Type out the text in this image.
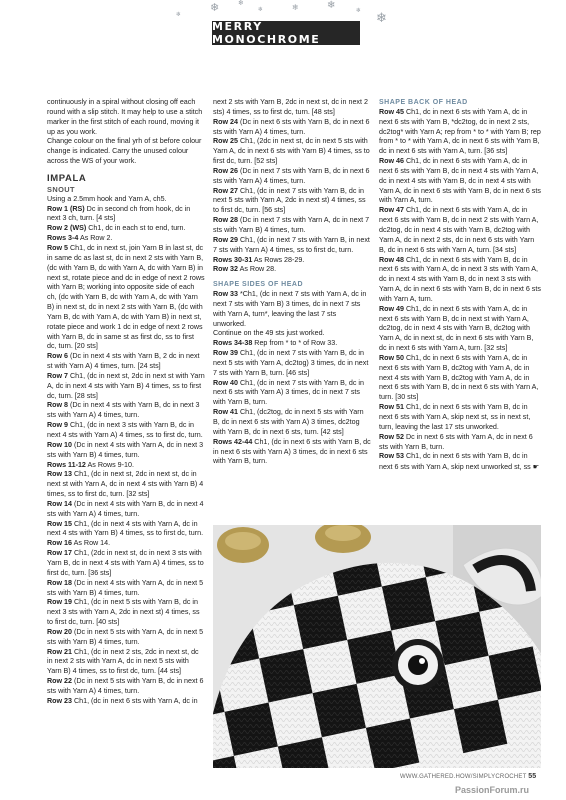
❄	❄
❄	❄	❄	❄
❄
❄
MERRY MONOCHROME

continuously in a spiral without closing off each round with a slip stitch. It may help to use a stitch marker in the first stitch of each round, moving it up as you work.

Change colour on the final yrh of st before colour change is indicated. Carry the unused colour across the WS of your work.

IMPALA

SNOUT

Using a 2.5mm hook and Yarn A, ch5.

Row 1 (RS) Dc in second ch from hook, dc in next 3 ch, turn. [4 sts]

Row 2 (WS) Ch1, dc in each st to end, turn.

Rows 3-4 As Row 2.

Row 5 Ch1, dc in next st, join Yarn B in last st, dc in same dc as last st, dc in next 2 sts with Yarn B, (dc with Yarn B, dc with Yarn A, dc with Yarn B) in next st, rotate piece and dc in edge of next 2 rows with Yarn B; working into opposite side of each ch, (dc with Yarn B, dc with Yarn A, dc with Yarn B) in next st, dc in next 2 sts with Yarn B, (dc with Yarn B, dc with Yarn A, dc with Yarn B) in next st, rotate piece and work 1 dc in edge of next 2 rows with Yarn B, dc in same st as first dc, ss to first dc, turn. [20 sts]

Row 6 (Dc in next 4 sts with Yarn B, 2 dc in next st with Yarn A) 4 times, turn. [24 sts]

Row 7 Ch1, (dc in next st, 2dc in next st with Yarn A, dc in next 4 sts with Yarn B) 4 times, ss to first dc, turn. [28 sts]

Row 8 (Dc in next 4 sts with Yarn B, dc in next 3 sts with Yarn A) 4 times, turn.

Row 9 Ch1, (dc in next 3 sts with Yarn B, dc in next 4 sts with Yarn A) 4 times, ss to first dc, turn.

Row 10 (Dc in next 4 sts with Yarn A, dc in next 3 sts with Yarn B) 4 times, turn.

Rows 11-12 As Rows 9-10.

Row 13 Ch1, (dc in next st, 2dc in next st, dc in next st with Yarn A, dc in next 4 sts with Yarn B) 4 times, ss to first dc, turn. [32 sts]

Row 14 (Dc in next 4 sts with Yarn B, dc in next 4 sts with Yarn A) 4 times, turn.

Row 15 Ch1, (dc in next 4 sts with Yarn A, dc in next 4 sts with Yarn B) 4 times, ss to first dc, turn.

Row 16 As Row 14.

Row 17 Ch1, (2dc in next st, dc in next 3 sts with Yarn B, dc in next 4 sts with Yarn A) 4 times, ss to first dc, turn. [36 sts]

Row 18 (Dc in next 4 sts with Yarn A, dc in next 5 sts with Yarn B) 4 times, turn.

Row 19 Ch1, (dc in next 5 sts with Yarn B, dc in next 3 sts with Yarn A, 2dc in next st) 4 times, ss to first dc, turn. [40 sts]

Row 20 (Dc in next 5 sts with Yarn A, dc in next 5 sts with Yarn B) 4 times, turn.

Row 21 Ch1, (dc in next 2 sts, 2dc in next st, dc in next 2 sts with Yarn A, dc in next 5 sts with Yarn B) 4 times, ss to first dc, turn. [44 sts]

Row 22 (Dc in next 5 sts with Yarn B, dc in next 6 sts with Yarn A) 4 times, turn.

Row 23 Ch1, (dc in next 6 sts with Yarn A, dc in

next 2 sts with Yarn B, 2dc in next st, dc in next 2 sts) 4 times, ss to first dc, turn. [48 sts]

Row 24 (Dc in next 6 sts with Yarn B, dc in next 6 sts with Yarn A) 4 times, turn.

Row 25 Ch1, (2dc in next st, dc in next 5 sts with Yarn A, dc in next 6 sts with Yarn B) 4 times, ss to first dc, turn. [52 sts]

Row 26 (Dc in next 7 sts with Yarn B, dc in next 6 sts with Yarn A) 4 times, turn.

Row 27 Ch1, (dc in next 7 sts with Yarn B, dc in next 5 sts with Yarn A, 2dc in next st) 4 times, ss to first dc, turn. [56 sts]

Row 28 (Dc in next 7 sts with Yarn A, dc in next 7 sts with Yarn B) 4 times, turn.

Row 29 Ch1, (dc in next 7 sts with Yarn B, in next 7 sts with Yarn A) 4 times, ss to first dc, turn.

Rows 30-31 As Rows 28-29.

Row 32 As Row 28.

SHAPE SIDES OF HEAD

Row 33 *Ch1, (dc in next 7 sts with Yarn A, dc in next 7 sts with Yarn B) 3 times, dc in next 7 sts with Yarn A, turn*, leaving the last 7 sts unworked.

Continue on the 49 sts just worked.

Rows 34-38 Rep from * to * of Row 33.

Row 39 Ch1, (dc in next 7 sts with Yarn B, dc in next 5 sts with Yarn A, dc2tog) 3 times, dc in next 7 sts with Yarn B, turn. [46 sts]

Row 40 Ch1, (dc in next 7 sts with Yarn B, dc in next 6 sts with Yarn A) 3 times, dc in next 7 sts with Yarn B, turn.

Row 41 Ch1, (dc2tog, dc in next 5 sts with Yarn B, dc in next 6 sts with Yarn A) 3 times, dc2tog with Yarn B, dc in next 6 sts, turn. [42 sts]

Rows 42-44 Ch1, (dc in next 6 sts with Yarn B, dc in next 6 sts with Yarn A) 3 times, dc in next 6 sts with Yarn B, turn.

SHAPE BACK OF HEAD

Row 45 Ch1, dc in next 6 sts with Yarn A, dc in next 6 sts with Yarn B, *dc2tog, dc in next 2 sts, dc2tog* with Yarn A; rep from * to * with Yarn B; rep from * to * with Yarn A, dc in next 6 sts with Yarn B, dc in next 6 sts with Yarn A, turn. [36 sts]

Row 46 Ch1, dc in next 6 sts with Yarn A, dc in next 6 sts with Yarn B, dc in next 4 sts with Yarn A, dc in next 4 sts with Yarn B, dc in next 4 sts with Yarn A, dc in next 6 sts with Yarn B, dc in next 6 sts with Yarn A, turn.

Row 47 Ch1, dc in next 6 sts with Yarn A, dc in next 6 sts with Yarn B, dc in next 2 sts with Yarn A, dc2tog, dc in next 4 sts with Yarn B, dc2tog with Yarn A, dc in next 2 sts, dc in next 6 sts with Yarn B, dc in next 6 sts with Yarn A, turn. [34 sts]

Row 48 Ch1, dc in next 6 sts with Yarn B, dc in next 6 sts with Yarn A, dc in next 3 sts with Yarn A, dc in next 4 sts with Yarn B, dc in next 3 sts with Yarn A, dc in next 6 sts with Yarn B, dc in next 6 sts with Yarn A, turn.

Row 49 Ch1, dc in next 6 sts with Yarn A, dc in next 6 sts with Yarn B, dc in next st with Yarn A, dc2tog, dc in next 4 sts with Yarn B, dc2tog with Yarn A, dc in next st, dc in next 6 sts with Yarn B, dc in next 6 sts with Yarn A, turn. [32 sts]

Row 50 Ch1, dc in next 6 sts with Yarn A, dc in next 6 sts with Yarn B, dc2tog with Yarn A, dc in next 4 sts with Yarn B, dc2tog with Yarn A, dc in next 6 sts with Yarn B, dc in next 6 sts with Yarn A, turn. [30 sts]

Row 51 Ch1, dc in next 6 sts with Yarn B, dc in next 6 sts with Yarn A, skip next st, ss in next st, turn, leaving the last 17 sts unworked.

Row 52 Dc in next 6 sts with Yarn A, dc in next 6 sts with Yarn B, turn.

Row 53 Ch1, dc in next 6 sts with Yarn B, dc in next 6 sts with Yarn A, skip next unworked st, ss ☛

WWW.GATHERED.HOW/SIMPLYCROCHET 55
PassionForum.ru
